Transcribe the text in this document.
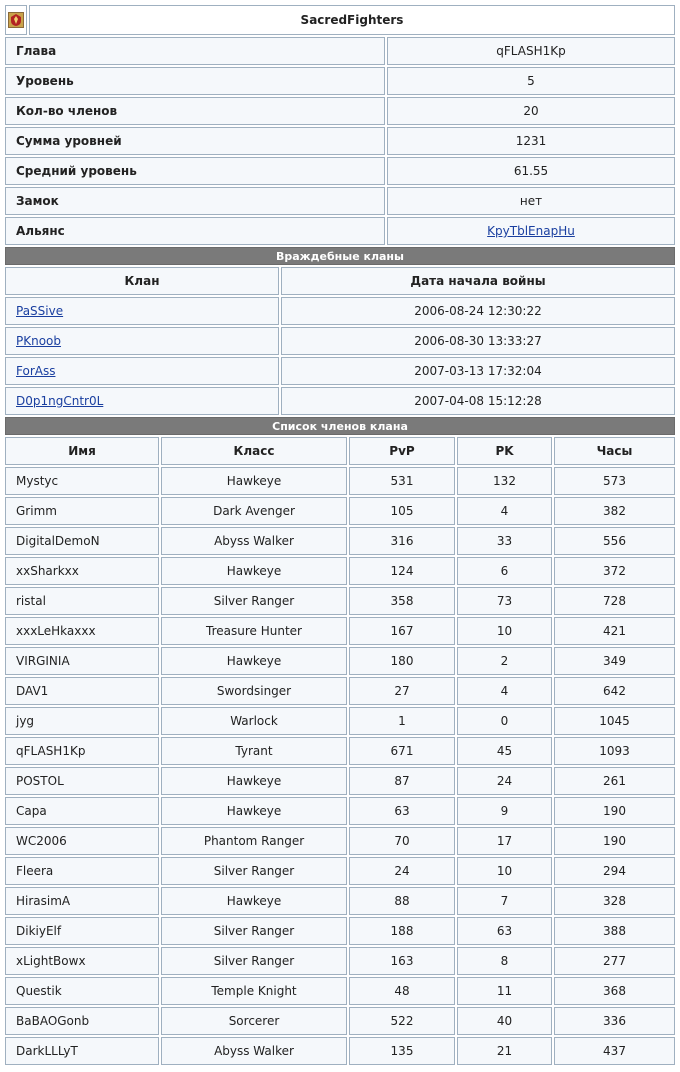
	SacredFighters
Глава	qFLASH1Kp
Уровень	5
Кол-во членов	20
Сумма уровней	1231
Средний уровень	61.55
Замок	нет
Альянс	KpyTblEnapHu
Враждебные кланы	
Клан	Дата начала войны
PaSSive	2006-08-24 12:30:22
PKnoob	2006-08-30 13:33:27
ForAss	2007-03-13 17:32:04
D0p1ngCntr0L	2007-04-08 15:12:28
Список членов клана				
Имя	Класс	PvP	PK	Часы
Mystyc	Hawkeye	531	132	573
Grimm	Dark Avenger	105	4	382
DigitalDemoN	Abyss Walker	316	33	556
xxSharkxx	Hawkeye	124	6	372
ristal	Silver Ranger	358	73	728
xxxLeHkaxxx	Treasure Hunter	167	10	421
VIRGINIA	Hawkeye	180	2	349
DAV1	Swordsinger	27	4	642
jyg	Warlock	1	0	1045
qFLASH1Kp	Tyrant	671	45	1093
POSTOL	Hawkeye	87	24	261
Capa	Hawkeye	63	9	190
WC2006	Phantom Ranger	70	17	190
Fleera	Silver Ranger	24	10	294
HirasimA	Hawkeye	88	7	328
DikiyElf	Silver Ranger	188	63	388
xLightBowx	Silver Ranger	163	8	277
Questik	Temple Knight	48	11	368
BaBAOGonb	Sorcerer	522	40	336
DarkLLLyT	Abyss Walker	135	21	437
